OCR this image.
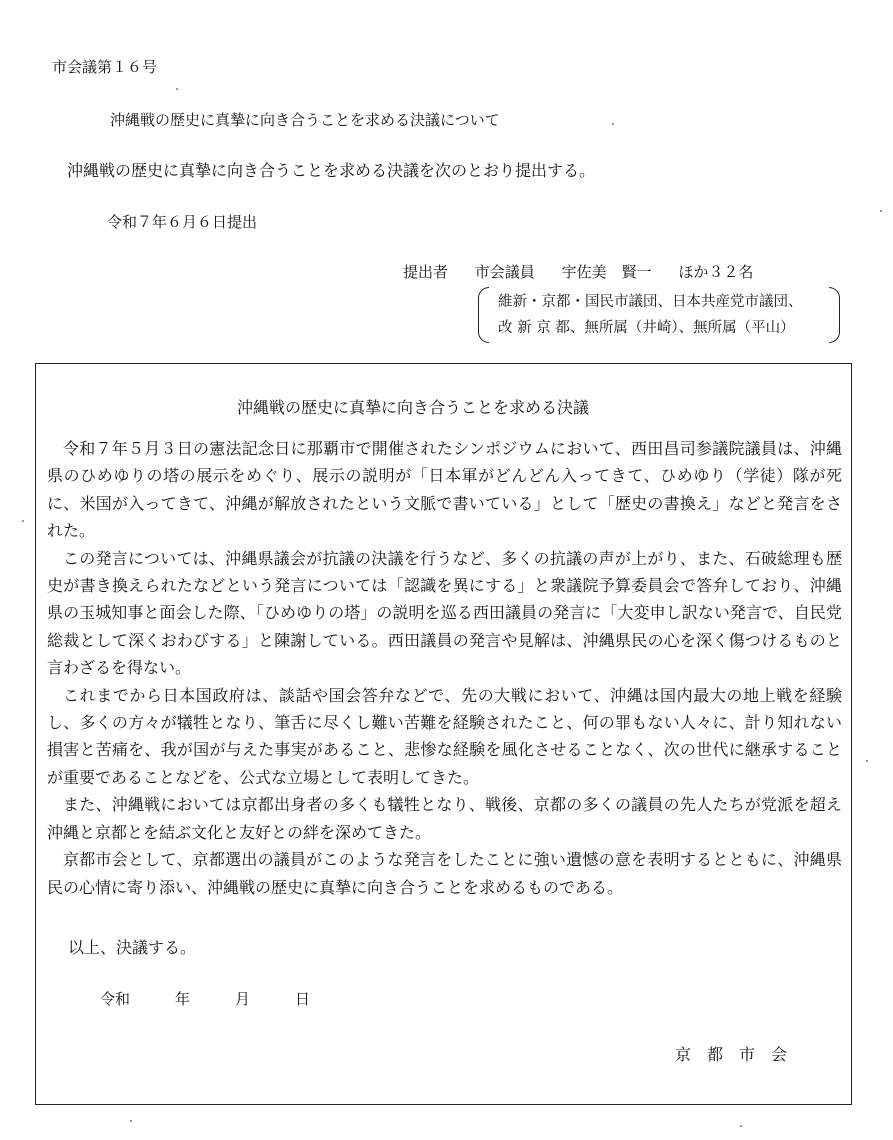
市会議第１６号
沖縄戦の歴史に真摯に向き合うことを求める決議について
沖縄戦の歴史に真摯に向き合うことを求める決議を次のとおり提出する。
令和７年６月６日提出
提出者 市会議員 宇佐美　賢一 ほか３２名
維新・京都・国民市議団、日本共産党市議団、
改 新 京 都、無所属（井崎）、無所属（平山）
沖縄戦の歴史に真摯に向き合うことを求める決議

令和７年５月３日の憲法記念日に那覇市で開催されたシンポジウムにおいて、西田昌司参議院議員は、沖縄県のひめゆりの塔の展示をめぐり、展示の説明が「日本軍がどんどん入ってきて、ひめゆり（学徒）隊が死に、米国が入ってきて、沖縄が解放されたという文脈で書いている」として「歴史の書換え」などと発言をされた。

この発言については、沖縄県議会が抗議の決議を行うなど、多くの抗議の声が上がり、また、石破総理も歴史が書き換えられたなどという発言については「認識を異にする」と衆議院予算委員会で答弁しており、沖縄県の玉城知事と面会した際、「ひめゆりの塔」の説明を巡る西田議員の発言に「大変申し訳ない発言で、自民党総裁として深くおわびする」と陳謝している。西田議員の発言や見解は、沖縄県民の心を深く傷つけるものと言わざるを得ない。

これまでから日本国政府は、談話や国会答弁などで、先の大戦において、沖縄は国内最大の地上戦を経験し、多くの方々が犠牲となり、筆舌に尽くし難い苦難を経験されたこと、何の罪もない人々に、計り知れない損害と苦痛を、我が国が与えた事実があること、悲惨な経験を風化させることなく、次の世代に継承することが重要であることなどを、公式な立場として表明してきた。

また、沖縄戦においては京都出身者の多くも犠牲となり、戦後、京都の多くの議員の先人たちが党派を超え沖縄と京都とを結ぶ文化と友好との絆を深めてきた。

京都市会として、京都選出の議員がこのような発言をしたことに強い遺憾の意を表明するとともに、沖縄県民の心情に寄り添い、沖縄戦の歴史に真摯に向き合うことを求めるものである。

以上、決議する。
令和	年	月	日
京都市会
